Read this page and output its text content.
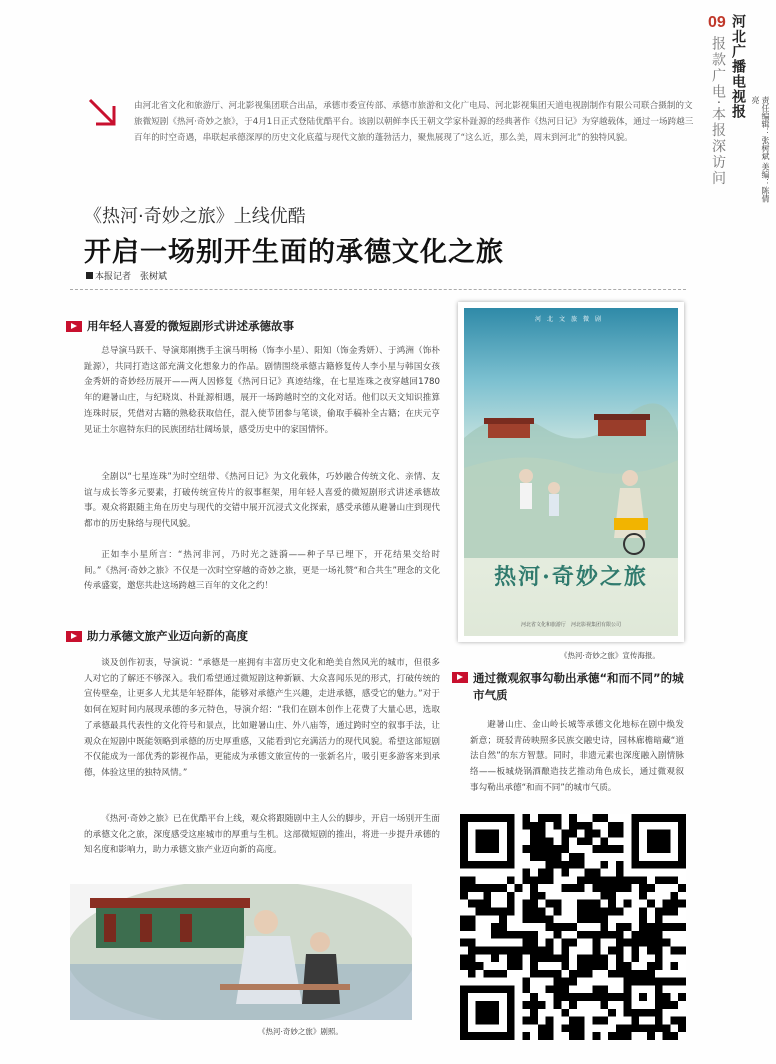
09 河北广播电视报
报款广电·本报深访问	责任编辑：张树斌 美编：陈倩亮

由河北省文化和旅游厅、河北影视集团联合出品，承德市委宣传部、承德市旅游和文化广电局、河北影视集团天道电视剧制作有限公司联合摄制的文旅微短剧《热河·奇妙之旅》，于4月1日正式登陆优酷平台。该剧以朝鲜李氏王朝文学家朴趾源的经典著作《热河日记》为穿越载体，通过一场跨越三百年的时空奇遇，串联起承德深厚的历史文化底蕴与现代文旅的蓬勃活力，聚焦展现了“这么近，那么美，周末到河北”的独特风貌。

《热河·奇妙之旅》上线优酷
开启一场别开生面的承德文化之旅
本报记者　张树斌
用年轻人喜爱的微短剧形式讲述承德故事

总导演马跃千、导演郑刚携手主演马明杨（饰李小星）、阳知（饰金秀妍）、于鸿洲（饰朴趾源），共同打造这部充满文化想象力的作品。剧情围绕承德古籍修复传人李小星与韩国女孩金秀妍的奇妙经历展开——两人因修复《热河日记》真迹结缘，在七星连珠之夜穿越回1780年的避暑山庄，与纪晓岚、朴趾源相遇，展开一场跨越时空的文化对话。他们以天文知识推算连珠时辰，凭借对古籍的熟稔获取信任，混入使节团参与笔谈，偷取手稿补全古籍；在庆元亨见证土尔扈特东归的民族团结壮阔场景，感受历史中的家国情怀。

全剧以“七星连珠”为时空纽带、《热河日记》为文化载体，巧妙融合传统文化、亲情、友谊与成长等多元要素，打破传统宣传片的叙事框架，用年轻人喜爱的微短剧形式讲述承德故事。观众将跟随主角在历史与现代的交错中展开沉浸式文化探索，感受承德从避暑山庄到现代都市的历史脉络与现代风貌。

正如李小星所言：“热河非河，乃时光之涟漪——种子早已埋下，开花结果交给时间。”《热河·奇妙之旅》不仅是一次时空穿越的奇妙之旅，更是一场礼赞“和合共生”理念的文化传承盛宴，邀您共赴这场跨越三百年的文化之约！

助力承德文旅产业迈向新的高度

谈及创作初衷，导演说：“承德是一座拥有丰富历史文化和绝美自然风光的城市，但很多人对它的了解还不够深入。我们希望通过微短剧这种新颖、大众喜闻乐见的形式，打破传统的宣传壁垒，让更多人尤其是年轻群体，能够对承德产生兴趣，走进承德，感受它的魅力。”对于如何在短时间内展现承德的多元特色，导演介绍：“我们在剧本创作上花费了大量心思，选取了承德最具代表性的文化符号和景点，比如避暑山庄、外八庙等，通过跨时空的叙事手法，让观众在短剧中既能领略到承德的历史厚重感，又能看到它充满活力的现代风貌。希望这部短剧不仅能成为一部优秀的影视作品，更能成为承德文旅宣传的一张新名片，吸引更多游客来到承德，体验这里的独特风情。”

《热河·奇妙之旅》已在优酷平台上线，观众将跟随剧中主人公的脚步，开启一场别开生面的承德文化之旅，深度感受这座城市的厚重与生机。这部微短剧的推出，将进一步提升承德的知名度和影响力，助力承德文旅产业迈向新的高度。

河北文旅微剧
热河·奇妙之旅
河北省文化和旅游厅　河北影视集团有限公司
《热河·奇妙之旅》宣传海报。
通过微观叙事勾勒出承德“和而不同”的城市气质

避暑山庄、金山岭长城等承德文化地标在剧中焕发新意；斑驳青砖映照多民族交融史诗，园林廊檐暗藏“道法自然”的东方智慧。同时，非遗元素也深度融入剧情脉络——板城烧锅酒酿造技艺推动角色成长，通过微观叙事勾勒出承德“和而不同”的城市气质。

《热河·奇妙之旅》剧照。
